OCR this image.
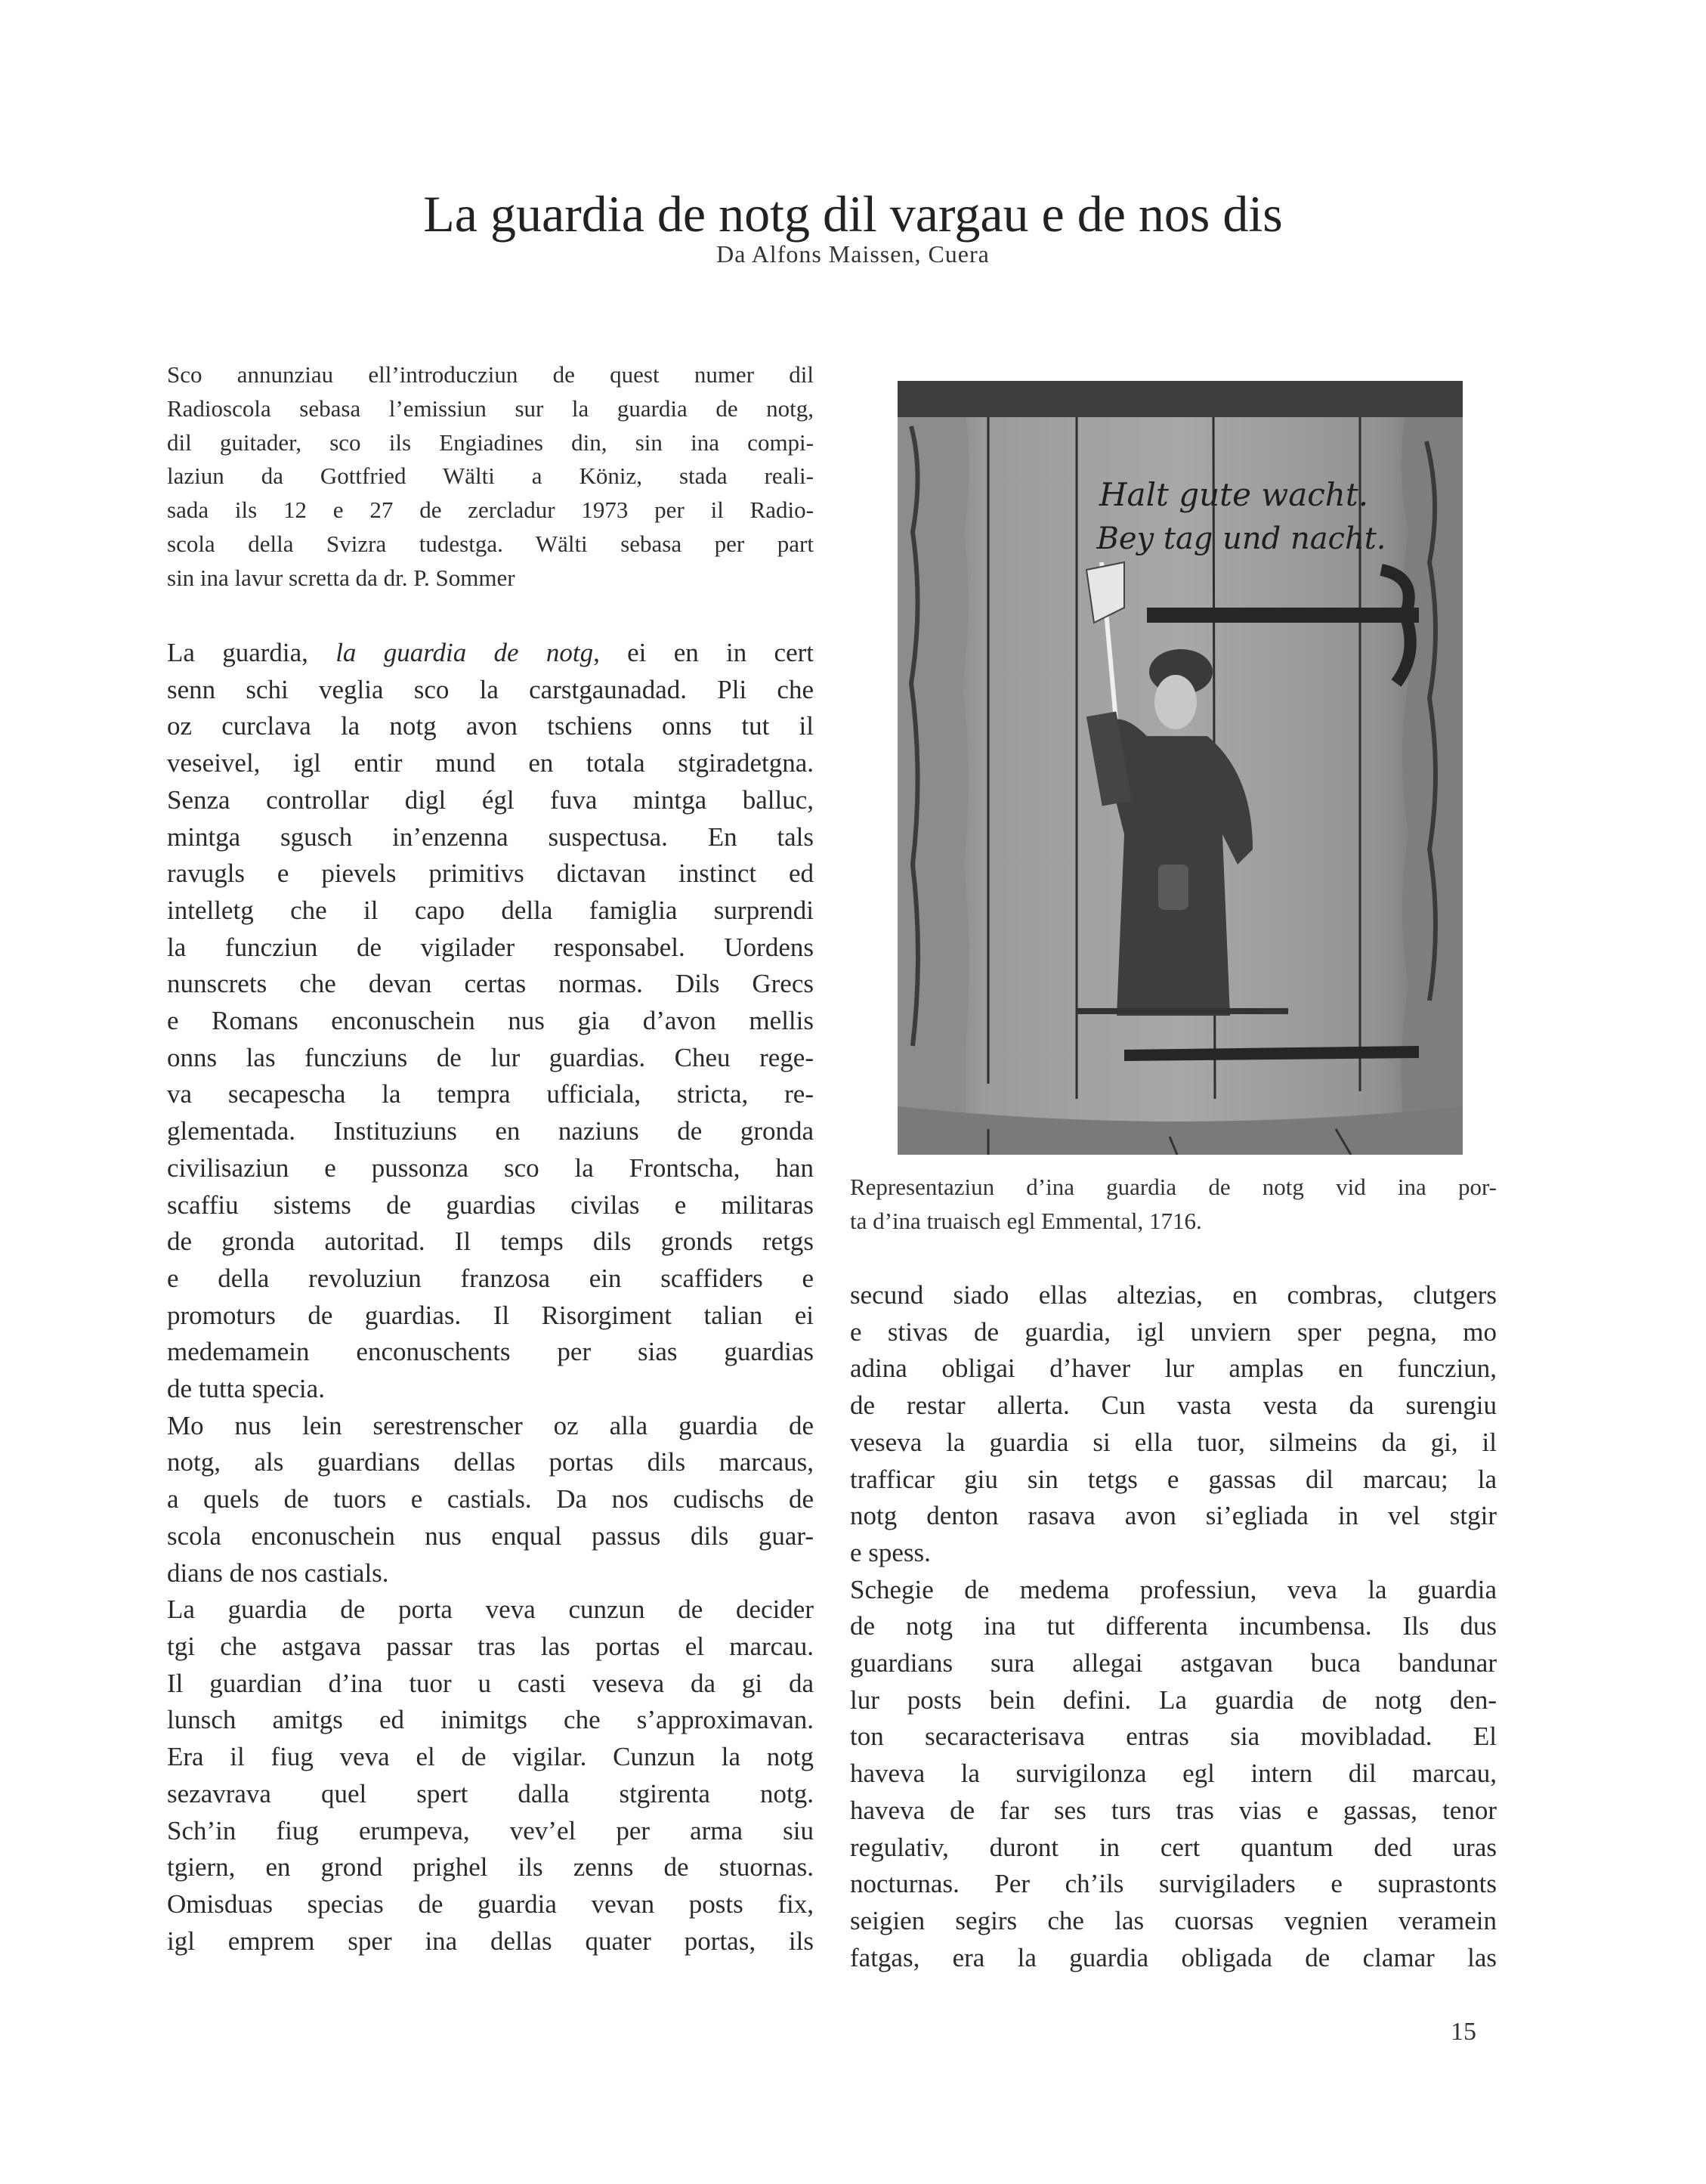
La guardia de notg dil vargau e de nos dis
Da Alfons Maissen, Cuera
Sco annunziau ell’introducziun de quest numer dil
Radioscola sebasa l’emissiun sur la guardia de notg,
dil guitader, sco ils Engiadines din, sin ina compi-
laziun da Gottfried Wälti a Köniz, stada reali-
sada ils 12 e 27 de zercladur 1973 per il Radio-
scola della Svizra tudestga. Wälti sebasa per part
sin ina lavur scretta da dr. P. Sommer
La guardia, la guardia de notg, ei en in cert
senn schi veglia sco la carstgaunadad. Pli che
oz curclava la notg avon tschiens onns tut il
veseivel, igl entir mund en totala stgiradetgna.
Senza controllar digl égl fuva mintga balluc,
mintga sgusch in’enzenna suspectusa. En tals
ravugls e pievels primitivs dictavan instinct ed
intelletg che il capo della famiglia surprendi
la funcziun de vigilader responsabel. Uordens
nunscrets che devan certas normas. Dils Grecs
e Romans enconuschein nus gia d’avon mellis
onns las funcziuns de lur guardias. Cheu rege-
va secapescha la tempra ufficiala, stricta, re-
glementada. Instituziuns en naziuns de gronda
civilisaziun e pussonza sco la Frontscha, han
scaffiu sistems de guardias civilas e militaras
de gronda autoritad. Il temps dils gronds retgs
e della revoluziun franzosa ein scaffiders e
promoturs de guardias. Il Risorgiment talian ei
medemamein enconuschents per sias guardias
de tutta specia.
Mo nus lein serestrenscher oz alla guardia de
notg, als guardians dellas portas dils marcaus,
a quels de tuors e castials. Da nos cudischs de
scola enconuschein nus enqual passus dils guar-
dians de nos castials.
La guardia de porta veva cunzun de decider
tgi che astgava passar tras las portas el marcau.
Il guardian d’ina tuor u casti veseva da gi da
lunsch amitgs ed inimitgs che s’approximavan.
Era il fiug veva el de vigilar. Cunzun la notg
sezavrava quel spert dalla stgirenta notg.
Sch’in fiug erumpeva, vev’el per arma siu
tgiern, en grond prighel ils zenns de stuornas.
Omisduas specias de guardia vevan posts fix,
igl emprem sper ina dellas quater portas, ils
Halt gute wacht.
Bey tag und nacht.
Representaziun d’ina guardia de notg vid ina por-
ta d’ina truaisch egl Emmental, 1716.
secund siado ellas altezias, en combras, clutgers
e stivas de guardia, igl unviern sper pegna, mo
adina obligai d’haver lur amplas en funcziun,
de restar allerta. Cun vasta vesta da surengiu
veseva la guardia si ella tuor, silmeins da gi, il
trafficar giu sin tetgs e gassas dil marcau; la
notg denton rasava avon si’egliada in vel stgir
e spess.
Schegie de medema professiun, veva la guardia
de notg ina tut differenta incumbensa. Ils dus
guardians sura allegai astgavan buca bandunar
lur posts bein defini. La guardia de notg den-
ton secaracterisava entras sia movibladad. El
haveva la survigilonza egl intern dil marcau,
haveva de far ses turs tras vias e gassas, tenor
regulativ, duront in cert quantum ded uras
nocturnas. Per ch’ils survigiladers e suprastonts
seigien segirs che las cuorsas vegnien veramein
fatgas, era la guardia obligada de clamar las
15
